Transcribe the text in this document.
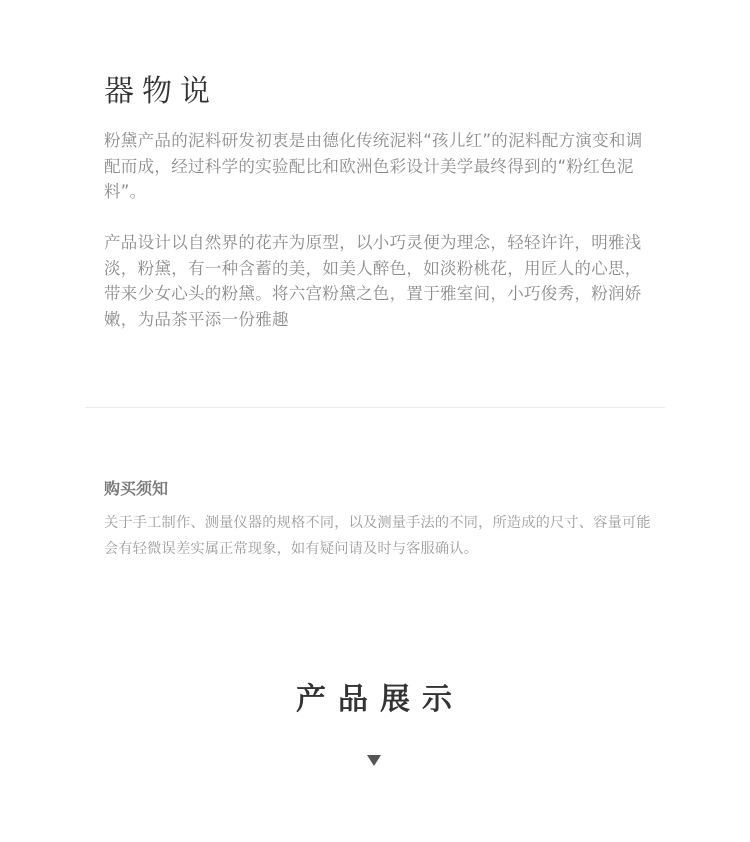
器物说

粉黛产品的泥料研发初衷是由德化传统泥料“孩儿红”的泥料配方演变和调配而成，经过科学的实验配比和欧洲色彩设计美学最终得到的“粉红色泥料”。

产品设计以自然界的花卉为原型，以小巧灵便为理念，轻轻许许，明雅浅淡，粉黛，有一种含蓄的美，如美人醉色，如淡粉桃花，用匠人的心思，带来少女心头的粉黛。将六宫粉黛之色，置于雅室间，小巧俊秀，粉润娇嫩，为品茶平添一份雅趣

购买须知

关于手工制作、测量仪器的规格不同，以及测量手法的不同，所造成的尺寸、容量可能会有轻微误差实属正常现象，如有疑问请及时与客服确认。

产品展示
